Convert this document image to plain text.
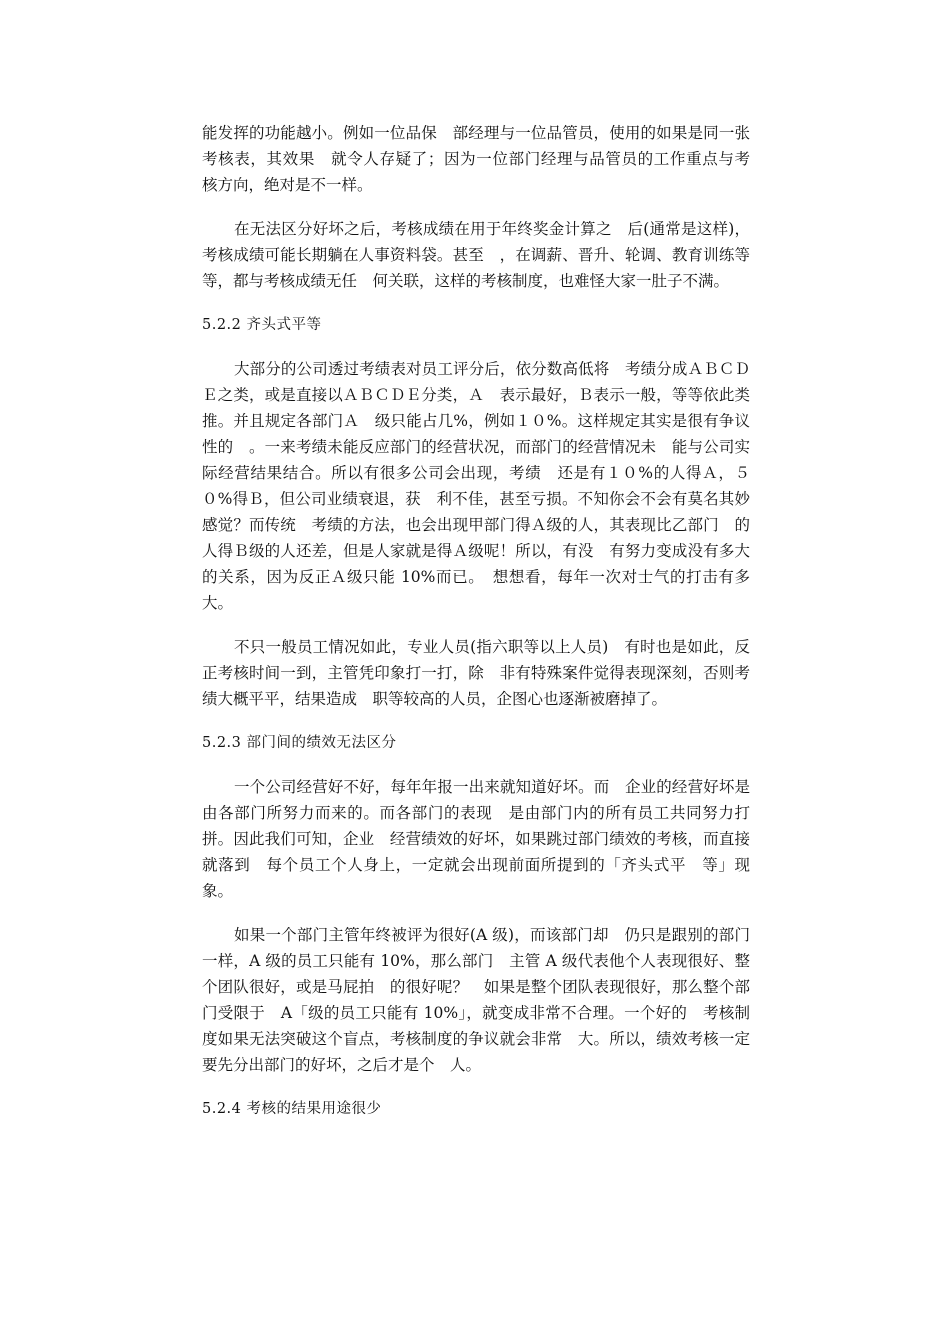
能发挥的功能越小。例如一位品保　部经理与一位品管员，使用的如果是同一张考核表，其效果　就令人存疑了；因为一位部门经理与品管员的工作重点与考　核方向，绝对是不一样。

在无法区分好坏之后，考核成绩在用于年终奖金计算之　后(通常是这样)，考核成绩可能长期躺在人事资料袋。甚至　，在调薪、晋升、轮调、教育训练等等，都与考核成绩无任　何关联，这样的考核制度，也难怪大家一肚子不满。

5.2.2 齐头式平等

大部分的公司透过考绩表对员工评分后，依分数高低将　考绩分成ＡＢＣＤＥ之类，或是直接以ＡＢＣＤＥ分类，Ａ　表示最好，Ｂ表示一般，等等依此类推。并且规定各部门Ａ　级只能占几%，例如１０%。这样规定其实是很有争议性的　。一来考绩未能反应部门的经营状况，而部门的经营情况未　能与公司实际经营结果结合。所以有很多公司会出现，考绩　还是有１０%的人得Ａ，５０%得Ｂ，但公司业绩衰退，获　利不佳，甚至亏损。不知你会不会有莫名其妙感觉？而传统　考绩的方法，也会出现甲部门得Ａ级的人，其表现比乙部门　的人得Ｂ级的人还差，但是人家就是得Ａ级呢！所以，有没　有努力变成没有多大的关系，因为反正Ａ级只能 10%而已。　想想看，每年一次对士气的打击有多大。

不只一般员工情况如此，专业人员(指六职等以上人员)　有时也是如此，反正考核时间一到，主管凭印象打一打，除　非有特殊案件觉得表现深刻，否则考绩大概平平，结果造成　职等较高的人员，企图心也逐渐被磨掉了。

5.2.3 部门间的绩效无法区分

一个公司经营好不好，每年年报一出来就知道好坏。而　企业的经营好坏是由各部门所努力而来的。而各部门的表现　是由部门内的所有员工共同努力打拼。因此我们可知，企业　经营绩效的好坏，如果跳过部门绩效的考核，而直接就落到　每个员工个人身上，一定就会出现前面所提到的「齐头式平　等」现象。

如果一个部门主管年终被评为很好(A 级)，而该部门却　仍只是跟别的部门一样，A 级的员工只能有 10%，那么部门　主管 A 级代表他个人表现很好、整个团队很好，或是马屁拍　的很好呢？　如果是整个团队表现很好，那么整个部门受限于　A「级的员工只能有 10%」，就变成非常不合理。一个好的　考核制度如果无法突破这个盲点，考核制度的争议就会非常　大。所以，绩效考核一定要先分出部门的好坏，之后才是个　人。

5.2.4 考核的结果用途很少
